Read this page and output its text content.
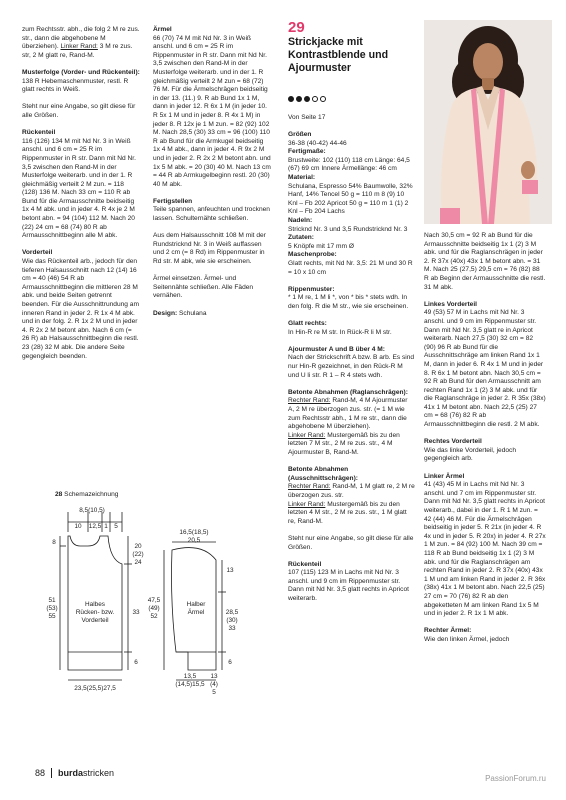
zum Rechtsstr. abh., die folg 2 M re zus. str., dann die abgehobene M überziehen). Linker Rand: 3 M re zus. str, 2 M glatt re, Rand-M.

Musterfolge (Vorder- und Rückenteil):

138 R Hebemaschenmuster, restl. R glatt rechts in Weiß.

Steht nur eine Angabe, so gilt diese für alle Größen.

Rückenteil

116 (126) 134 M mit Nd Nr. 3 in Weiß anschl. und 6 cm = 25 R im Rippenmuster in R str. Dann mit Nd Nr. 3,5 zwischen den Rand-M in der Musterfolge weiterarb. und in der 1. R gleichmäßig verteilt 2 M zun. = 118 (128) 136 M. Nach 33 cm = 110 R ab Bund für die Armausschnitte beidseitig 1x 4 M abk. und in jeder 4. R 4x je 2 M betont abn. = 94 (104) 112 M. Nach 20 (22) 24 cm = 68 (74) 80 R ab Armausschnittbeginn alle M abk.

Vorderteil

Wie das Rückenteil arb., jedoch für den tieferen Halsausschnitt nach 12 (14) 16 cm = 40 (46) 54 R ab Armausschnittbeginn die mittleren 28 M abk. und beide Seiten getrennt beenden. Für die Ausschnittrundung am inneren Rand in jeder 2. R 1x 4 M abk. und in der folg. 2. R 1x 2 M und in jeder 4. R 2x 2 M betont abn. Nach 6 cm (= 26 R) ab Halsausschnittbeginn die restl. 23 (28) 32 M abk. Die andere Seite gegengleich beenden.

Ärmel

66 (70) 74 M mit Nd Nr. 3 in Weiß anschl. und 6 cm = 25 R im Rippenmuster in R str. Dann mit Nd Nr. 3,5 zwischen den Rand-M in der Musterfolge weiterarb. und in der 1. R gleichmäßig verteilt 2 M zun = 68 (72) 76 M. Für die Ärmelschrägen beidseitig in der 13. (11.) 9. R ab Bund 1x 1 M, dann in jeder 12. R 6x 1 M (in jeder 10. R 5x 1 M und in jeder 8. R 4x 1 M) in jeder 8. R 12x je 1 M zun. = 82 (92) 102 M. Nach 28,5 (30) 33 cm = 96 (100) 110 R ab Bund für die Armkugel beidseitig 1x 4 M abk., dann in jeder 4. R 9x 2 M und in jeder 2. R 2x 2 M betont abn. und 1x 5 M abk. = 20 (30) 40 M. Nach 13 cm = 44 R ab Armkugelbeginn restl. 20 (30) 40 M abk.

Fertigstellen

Teile spannen, anfeuchten und trocknen lassen. Schulternähte schließen.

Aus dem Halsausschnitt 108 M mit der Rundstricknd Nr. 3 in Weiß auffassen und 2 cm (= 8 Rd) im Rippenmuster in Rd str. M abk, wie sie erscheinen.

Ärmel einsetzen. Ärmel- und Seitennähte schließen. Alle Fäden vernähen.

Design: Schulana

29
Strickjacke mit Kontrastblende und Ajourmuster
Von Seite 17

Größen

36-38 (40-42) 44-46

Fertigmaße:

Brustweite: 102 (110) 118 cm Länge: 64,5 (67) 69 cm Innere Ärmellänge: 46 cm

Material:

Schulana, Espresso 54% Baumwolle, 32% Hanf, 14% Tencel 50 g = 110 m 8 (9) 10 Knl – Fb 202 Apricot 50 g = 110 m 1 (1) 2 Knl – Fb 204 Lachs

Nadeln:

Stricknd Nr. 3 und 3,5 Rundstricknd Nr. 3

Zutaten:

5 Knöpfe mit 17 mm Ø

Maschenprobe:

Glatt rechts, mit Nd Nr. 3,5: 21 M und 30 R = 10 x 10 cm

Rippenmuster:

* 1 M re, 1 M li *, von * bis * stets wdh. In den folg. R die M str., wie sie erscheinen.

Glatt rechts:

In Hin-R re M str. In Rück-R li M str.

Ajourmuster A und B über 4 M:

Nach der Strickschrift A bzw. B arb. Es sind nur Hin-R gezeichnet, in den Rück-R M und U li str. R 1 – R 4 stets wdh.

Betonte Abnahmen (Raglanschrägen):

Rechter Rand: Rand-M, 4 M Ajourmuster A, 2 M re überzogen zus. str. (= 1 M wie zum Rechtsstr abh., 1 M re str., dann die abgehobene M überziehen).

Linker Rand: Mustergemäß bis zu den letzten 7 M str., 2 M re zus. str., 4 M Ajourmuster B, Rand-M.

Betonte Abnahmen (Ausschnittschrägen):

Rechter Rand: Rand-M, 1 M glatt re, 2 M re überzogen zus. str.

Linker Rand: Mustergemäß bis zu den letzten 4 M str., 2 M re zus. str., 1 M glatt re, Rand-M.

Steht nur eine Angabe, so gilt diese für alle Größen.

Rückenteil

107 (115) 123 M in Lachs mit Nd Nr. 3 anschl. und 9 cm im Rippenmuster str. Dann mit Nd Nr. 3,5 glatt rechts in Apricot weiterarb.

Nach 30,5 cm = 92 R ab Bund für die Armausschnitte beidseitig 1x 1 (2) 3 M abk. und für die Raglanschrägen in jeder 2. R 37x (40x) 43x 1 M betont abn. = 31 M. Nach 25 (27,5) 29,5 cm = 76 (82) 88 R ab Beginn der Armausschnitte die restl. 31 M abk.

Linkes Vorderteil

49 (53) 57 M in Lachs mit Nd Nr. 3 anschl. und 9 cm im Rippenmuster str. Dann mit Nd Nr. 3,5 glatt re in Apricot weiterarb. Nach 27,5 (30) 32 cm = 82 (90) 96 R ab Bund für die Ausschnittschräge am linken Rand 1x 1 M, dann in jeder 6. R 4x 1 M und in jeder 8. R 6x 1 M betont abn. Nach 30,5 cm = 92 R ab Bund für den Armausschnitt am rechten Rand 1x 1 (2) 3 M abk. und für die Raglanschräge in jeder 2. R 35x (38x) 41x 1 M betont abn. Nach 22,5 (25) 27 cm = 68 (76) 82 R ab Armausschnittbeginn die restl. 2 M abk.

Rechtes Vorderteil

Wie das linke Vorderteil, jedoch gegengleich arb.

Linker Ärmel

41 (43) 45 M in Lachs mit Nd Nr. 3 anschl. und 7 cm im Rippenmuster str. Dann mit Nd Nr. 3,5 glatt rechts in Apricot weiterarb., dabei in der 1. R 1 M zun. = 42 (44) 46 M. Für die Ärmelschrägen beidseitig in jeder 5. R 21x (in jeder 4. R 4x und in jeder 5. R 20x) in jeder 4. R 27x 1 M zun. = 84 (92) 100 M. Nach 39 cm = 118 R ab Bund beidseitig 1x 1 (2) 3 M abk. und für die Raglanschrägen am rechten Rand in jeder 2. R 37x (40x) 43x 1 M und am linken Rand in jeder 2. R 36x (38x) 41x 1 M betont abn. Nach 22,5 (25) 27 cm = 70 (76) 82 R ab den abgeketteten M am linken Rand 1x 5 M und in jeder 2. R 1x 1 M abk.

Rechter Ärmel:

Wie den linken Ärmel, jedoch

28 Schemazeichnung
8,5(10,5)
10 12,5 1 5
8
20
(22)
24
51
(53)
55
Halbes
Rücken- bzw.
Vorderteil
33
6
23,5(25,5)27,5
16,5(18,5)
20,5
13
47,5
(49)
52
Halber
Ärmel	28,5
(30)
33
6
13,5
(14,5)15,5
13
(4)
5
88 burdastricken
PassionForum.ru
